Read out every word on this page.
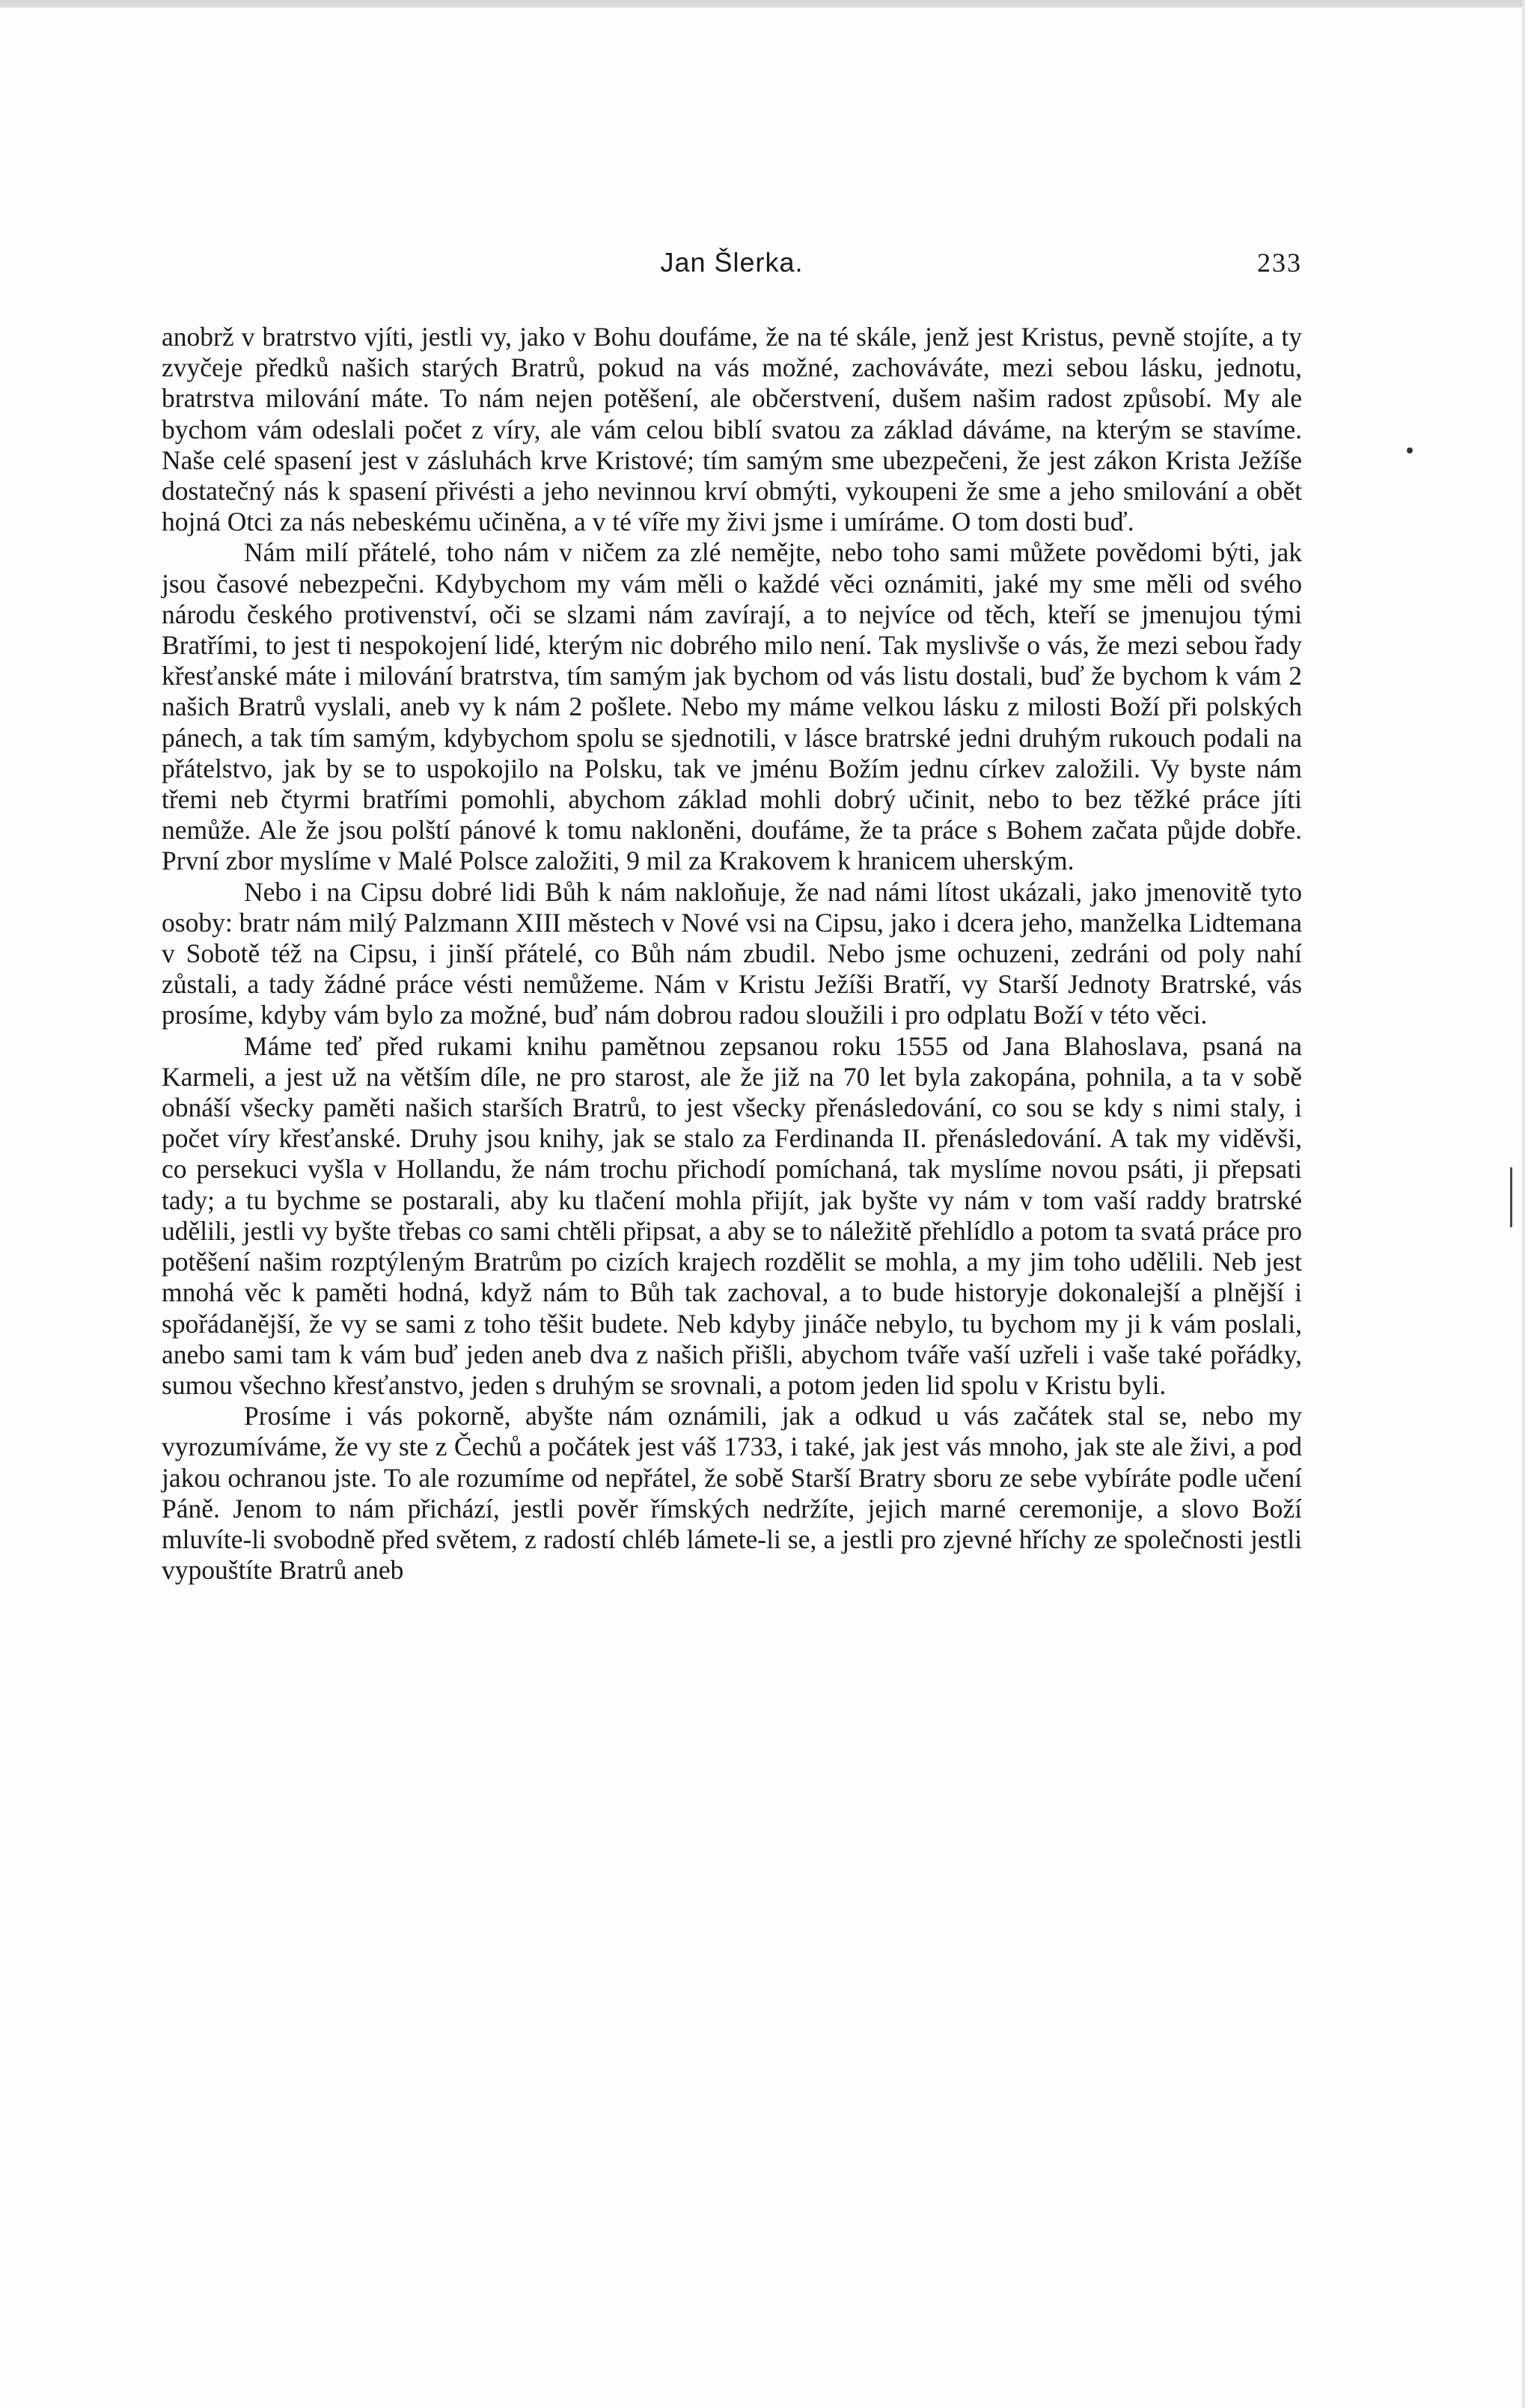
Jan Šlerka.	233

anobrž v bratrstvo vjíti, jestli vy, jako v Bohu doufáme, že na té skále, jenž jest Kristus, pevně stojíte, a ty zvyčeje předků našich starých Bratrů, pokud na vás možné, zachováváte, mezi sebou lásku, jednotu, bratrstva milování máte. To nám nejen potěšení, ale občerstvení, dušem našim radost způsobí. My ale bychom vám odeslali počet z víry, ale vám celou biblí svatou za základ dáváme, na kterým se stavíme. Naše celé spasení jest v zásluhách krve Kristové; tím samým sme ubezpečeni, že jest zákon Krista Ježíše dostatečný nás k spasení přivésti a jeho nevinnou krví obmýti, vykoupeni že sme a jeho smilování a obět hojná Otci za nás nebeskému učiněna, a v té víře my živi jsme i umíráme. O tom dosti buď.

Nám milí přátelé, toho nám v ničem za zlé nemějte, nebo toho sami můžete povědomi býti, jak jsou časové nebezpečni. Kdybychom my vám měli o každé věci oznámiti, jaké my sme měli od svého národu českého protivenství, oči se slzami nám zavírají, a to nejvíce od těch, kteří se jmenujou tými Bratřími, to jest ti nespokojení lidé, kterým nic dobrého milo není. Tak myslivše o vás, že mezi sebou řady křesťanské máte i milování bratrstva, tím samým jak bychom od vás listu dostali, buď že bychom k vám 2 našich Bratrů vyslali, aneb vy k nám 2 pošlete. Nebo my máme velkou lásku z milosti Boží při polských pánech, a tak tím samým, kdybychom spolu se sjednotili, v lásce bratrské jedni druhým rukouch podali na přátelstvo, jak by se to uspokojilo na Polsku, tak ve jménu Božím jednu církev založili. Vy byste nám třemi neb čtyrmi bratřími pomohli, abychom základ mohli dobrý učinit, nebo to bez těžké práce jíti nemůže. Ale že jsou polští pánové k tomu nakloněni, doufáme, že ta práce s Bohem začata půjde dobře. První zbor myslíme v Malé Polsce založiti, 9 mil za Krakovem k hranicem uherským.

Nebo i na Cipsu dobré lidi Bůh k nám nakloňuje, že nad námi lítost ukázali, jako jmenovitě tyto osoby: bratr nám milý Palzmann XIII městech v Nové vsi na Cipsu, jako i dcera jeho, manželka Lidtemana v Sobotě též na Cipsu, i jinší přátelé, co Bůh nám zbudil. Nebo jsme ochuzeni, zedráni od poly nahí zůstali, a tady žádné práce vésti nemůžeme. Nám v Kristu Ježíši Bratří, vy Starší Jednoty Bratrské, vás prosíme, kdyby vám bylo za možné, buď nám dobrou radou sloužili i pro odplatu Boží v této věci.

Máme teď před rukami knihu pamětnou zepsanou roku 1555 od Jana Blahoslava, psaná na Karmeli, a jest už na větším díle, ne pro starost, ale že již na 70 let byla zakopána, pohnila, a ta v sobě obnáší všecky paměti našich starších Bratrů, to jest všecky přenásledování, co sou se kdy s nimi staly, i počet víry křesťanské. Druhy jsou knihy, jak se stalo za Ferdinanda II. přenásledování. A tak my viděvši, co persekuci vyšla v Hollandu, že nám trochu přichodí pomíchaná, tak myslíme novou psáti, ji přepsati tady; a tu bychme se postarali, aby ku tlačení mohla přijít, jak byšte vy nám v tom vaší raddy bratrské udělili, jestli vy byšte třebas co sami chtěli připsat, a aby se to náležitě přehlídlo a potom ta svatá práce pro potěšení našim rozptýleným Bratrům po cizích krajech rozdělit se mohla, a my jim toho udělili. Neb jest mnohá věc k paměti hodná, když nám to Bůh tak zachoval, a to bude historyje dokonalejší a plnější i spořádanější, že vy se sami z toho těšit budete. Neb kdyby jináče nebylo, tu bychom my ji k vám poslali, anebo sami tam k vám buď jeden aneb dva z našich přišli, abychom tváře vaší uzřeli i vaše také pořádky, sumou všechno křesťanstvo, jeden s druhým se srovnali, a potom jeden lid spolu v Kristu byli.

Prosíme i vás pokorně, abyšte nám oznámili, jak a odkud u vás začátek stal se, nebo my vyrozumíváme, že vy ste z Čechů a počátek jest váš 1733, i také, jak jest vás mnoho, jak ste ale živi, a pod jakou ochranou jste. To ale rozumíme od nepřátel, že sobě Starší Bratry sboru ze sebe vybíráte podle učení Páně. Jenom to nám přichází, jestli pověr římských nedržíte, jejich marné ceremonije, a slovo Boží mluvíte-li svobodně před světem, z radostí chléb lámete-li se, a jestli pro zjevné hříchy ze společnosti jestli vypouštíte Bratrů aneb
